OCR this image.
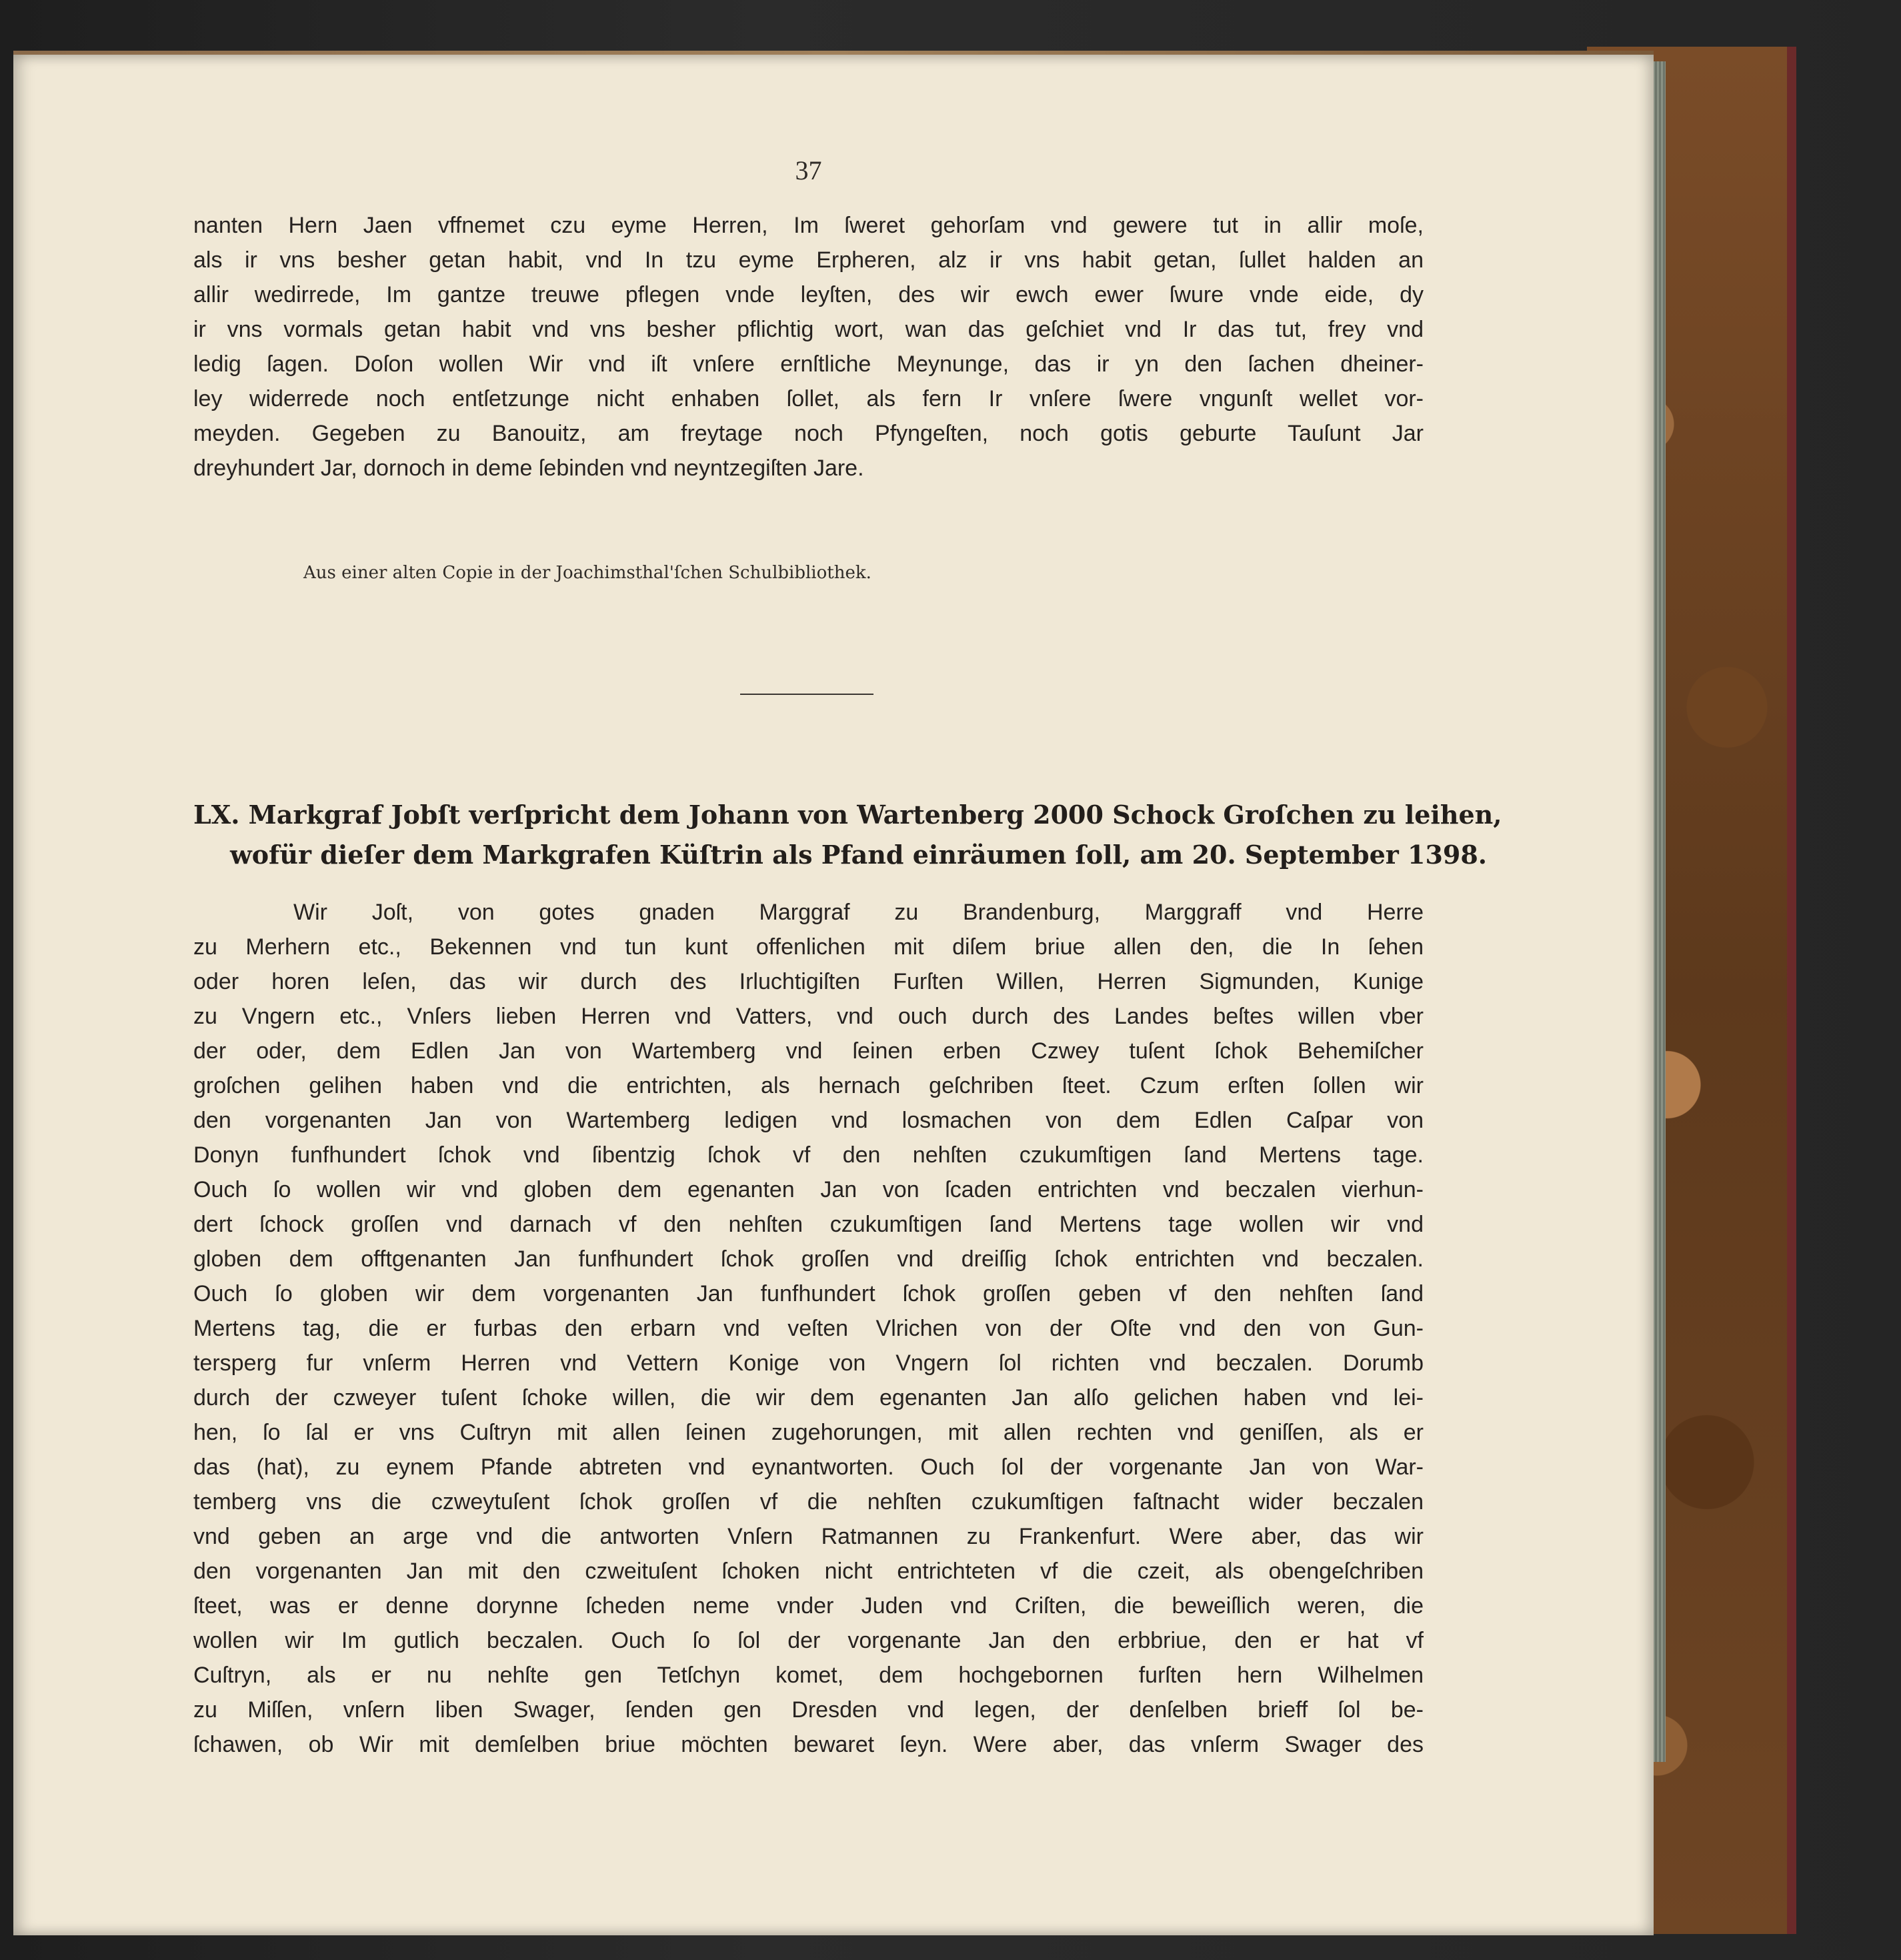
37
nanten Hern Jaen vffnemet czu eyme Herren, Im ſweret gehorſam vnd gewere tut in allir moſe,
als ir vns besher getan habit, vnd In tzu eyme Erpheren, alz ir vns habit getan, ſullet halden an
allir wedirrede, Im gantze treuwe pflegen vnde leyſten, des wir ewch ewer ſwure vnde eide, dy
ir vns vormals getan habit vnd vns besher pflichtig wort, wan das geſchiet vnd Ir das tut, frey vnd
ledig ſagen. Doſon wollen Wir vnd iſt vnſere ernſtliche Meynunge, das ir yn den ſachen dheiner-
ley widerrede noch entſetzunge nicht enhaben ſollet, als fern Ir vnſere ſwere vngunſt wellet vor-
meyden. Gegeben zu Banouitz, am freytage noch Pfyngeſten, noch gotis geburte Tauſunt Jar
dreyhundert Jar, dornoch in deme ſebinden vnd neyntzegiſten Jare.
Aus einer alten Copie in der Joachimsthal'ſchen Schulbibliothek.
LX. Markgraf Jobſt verſpricht dem Johann von Wartenberg 2000 Schock Groſchen zu leihen,
wofür dieſer dem Markgrafen Küſtrin als Pfand einräumen ſoll, am 20. September 1398.
Wir Joſt, von gotes gnaden Marggraf zu Brandenburg, Marggraff vnd Herre
zu Merhern etc., Bekennen vnd tun kunt offenlichen mit diſem briue allen den, die In ſehen
oder horen leſen, das wir durch des Irluchtigiſten Furſten Willen, Herren Sigmunden, Kunige
zu Vngern etc., Vnſers lieben Herren vnd Vatters, vnd ouch durch des Landes beſtes willen vber
der oder, dem Edlen Jan von Wartemberg vnd ſeinen erben Czwey tuſent ſchok Behemiſcher
groſchen gelihen haben vnd die entrichten, als hernach geſchriben ſteet. Czum erſten ſollen wir
den vorgenanten Jan von Wartemberg ledigen vnd losmachen von dem Edlen Caſpar von
Donyn funfhundert ſchok vnd ſibentzig ſchok vf den nehſten czukumſtigen ſand Mertens tage.
Ouch ſo wollen wir vnd globen dem egenanten Jan von ſcaden entrichten vnd beczalen vierhun-
dert ſchock groſſen vnd darnach vf den nehſten czukumſtigen ſand Mertens tage wollen wir vnd
globen dem offtgenanten Jan funfhundert ſchok groſſen vnd dreiſſig ſchok entrichten vnd beczalen.
Ouch ſo globen wir dem vorgenanten Jan funfhundert ſchok groſſen geben vf den nehſten ſand
Mertens tag, die er furbas den erbarn vnd veſten Vlrichen von der Oſte vnd den von Gun-
tersperg fur vnſerm Herren vnd Vettern Konige von Vngern ſol richten vnd beczalen. Dorumb
durch der czweyer tuſent ſchoke willen, die wir dem egenanten Jan alſo gelichen haben vnd lei-
hen, ſo ſal er vns Cuſtryn mit allen ſeinen zugehorungen, mit allen rechten vnd geniſſen, als er
das (hat), zu eynem Pfande abtreten vnd eynantworten. Ouch ſol der vorgenante Jan von War-
temberg vns die czweytuſent ſchok groſſen vf die nehſten czukumſtigen faſtnacht wider beczalen
vnd geben an arge vnd die antworten Vnſern Ratmannen zu Frankenfurt. Were aber, das wir
den vorgenanten Jan mit den czweituſent ſchoken nicht entrichteten vf die czeit, als obengeſchriben
ſteet, was er denne dorynne ſcheden neme vnder Juden vnd Criſten, die beweiſlich weren, die
wollen wir Im gutlich beczalen. Ouch ſo ſol der vorgenante Jan den erbbriue, den er hat vf
Cuſtryn, als er nu nehſte gen Tetſchyn komet, dem hochgebornen furſten hern Wilhelmen
zu Miſſen, vnſern liben Swager, ſenden gen Dresden vnd legen, der denſelben brieff ſol be-
ſchawen, ob Wir mit demſelben briue möchten bewaret ſeyn. Were aber, das vnſerm Swager des
